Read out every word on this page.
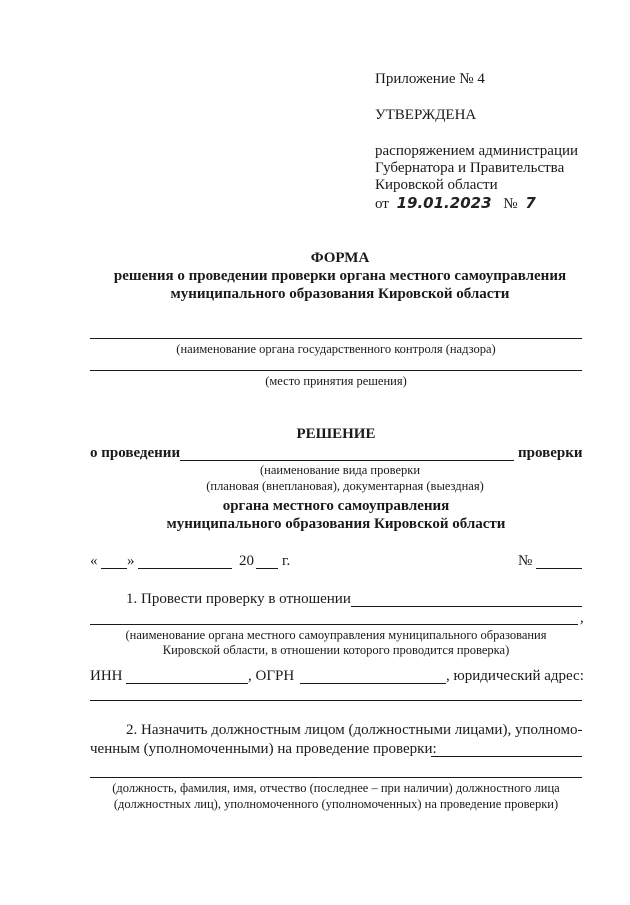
Приложение № 4
УТВЕРЖДЕНА
распоряжением администрации
Губернатора и Правительства
Кировской области
от 19.01.2023 № 7
ФОРМА
решения о проведении проверки органа местного самоуправления
муниципального образования Кировской области
(наименование органа государственного контроля (надзора)
(место принятия решения)
РЕШЕНИЕ
о проведении	проверки
(наименование вида проверки
(плановая (внеплановая), документарная (выездная)
органа местного самоуправления
муниципального образования Кировской области
« »	20 г.	№
1. Провести проверку в отношении
,
(наименование органа местного самоуправления муниципального образования
Кировской области, в отношении которого проводится проверка)
ИНН	, ОГРН	, юридический адрес:
2. Назначить должностным лицом (должностными лицами), уполномо-
ченным (уполномоченными) на проведение проверки:
(должность, фамилия, имя, отчество (последнее – при наличии) должностного лица
(должностных лиц), уполномоченного (уполномоченных) на проведение проверки)
